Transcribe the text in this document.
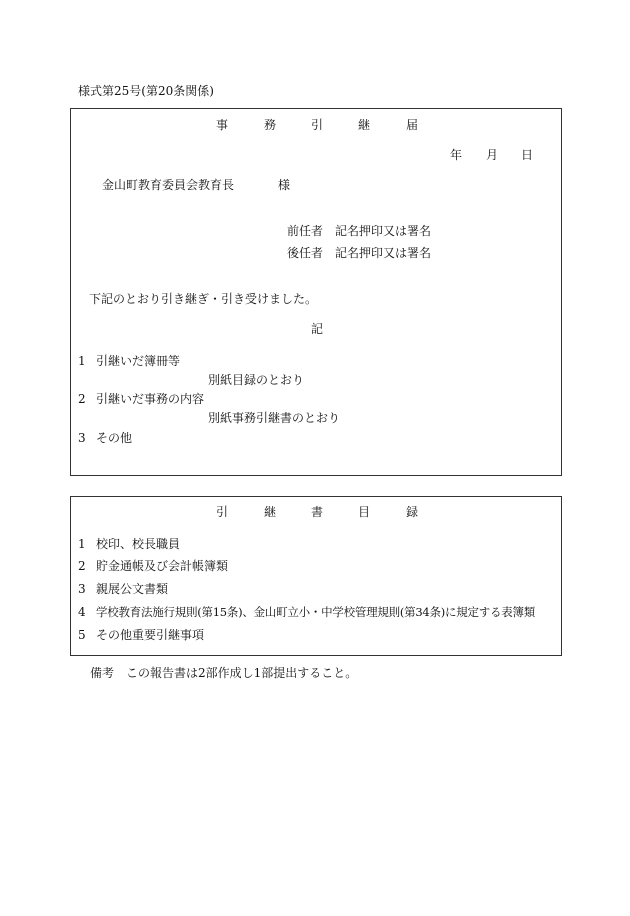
様式第25号(第20条関係)
事	務	引	継	届
年 月 日
金山町教育委員会教育長	様
前任者　記名押印又は署名
後任者　記名押印又は署名
下記のとおり引き継ぎ・引き受けました。
記
1 引継いだ簿冊等
別紙目録のとおり
2 引継いだ事務の内容
別紙事務引継書のとおり
3 その他
引	継	書	目	録
1 校印、校長職員
2 貯金通帳及び会計帳簿類
3 親展公文書類
4 学校教育法施行規則(第15条)、金山町立小・中学校管理規則(第34条)に規定する表簿類
5 その他重要引継事項
備考　この報告書は2部作成し1部提出すること。
